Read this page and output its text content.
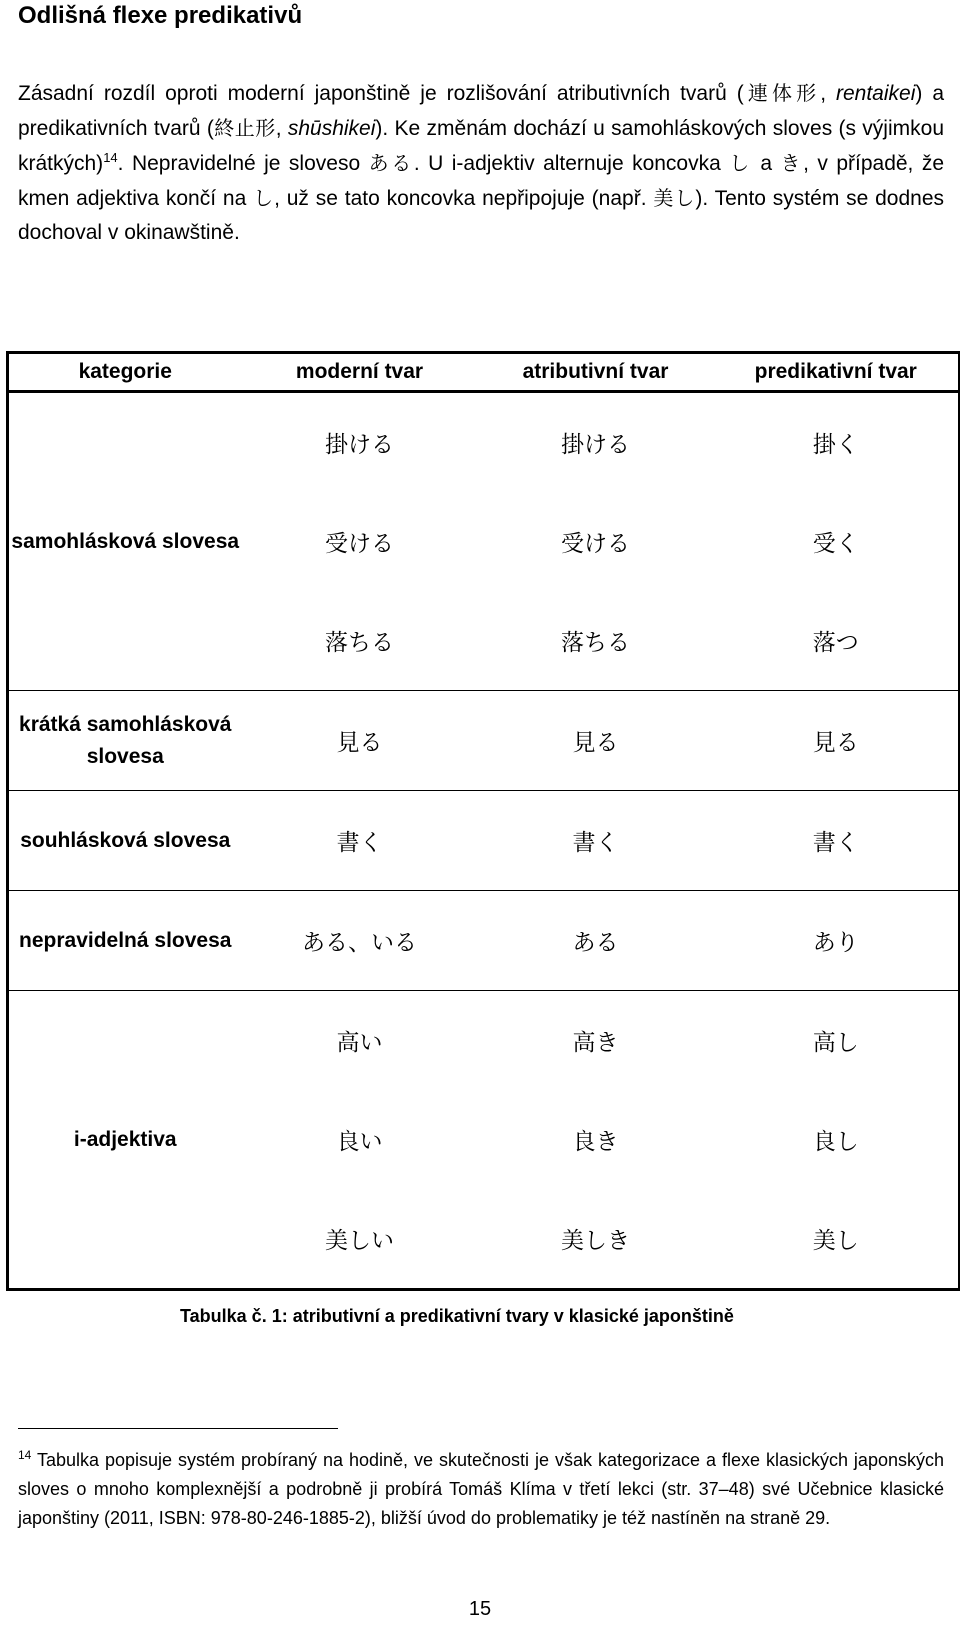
Odlišná flexe predikativů

Zásadní rozdíl oproti moderní japonštině je rozlišování atributivních tvarů (連体形, rentaikei) a predikativních tvarů (終止形, shūshikei). Ke změnám dochází u samohláskových sloves (s výjimkou krátkých)$^{14}$. Nepravidelné je sloveso ある. U i-adjektiv alternuje koncovka し a き, v případě, že kmen adjektiva končí na し, už se tato koncovka nepřipojuje (např. 美し). Tento systém se dodnes dochoval v okinawštině.

kategorie	moderní tvar	atributivní tvar	predikativní tvar
samohlásková slovesa	掛ける	掛ける	掛く
	受ける	受ける	受く
	落ちる	落ちる	落つ
krátká samohlásková slovesa	見る	見る	見る
souhlásková slovesa	書く	書く	書く
nepravidelná slovesa	ある、いる	ある	あり
i-adjektiva	高い	高き	高し
	良い	良き	良し
	美しい	美しき	美し

Tabulka č. 1: atributivní a predikativní tvary v klasické japonštině

$^{14}$ Tabulka popisuje systém probíraný na hodině, ve skutečnosti je však kategorizace a flexe klasických japonských sloves o mnoho komplexnější a podrobně ji probírá Tomáš Klíma v třetí lekci (str. 37–48) své Učebnice klasické japonštiny (2011, ISBN: 978-80-246-1885-2), bližší úvod do problematiky je též nastíněn na straně 29.

15
